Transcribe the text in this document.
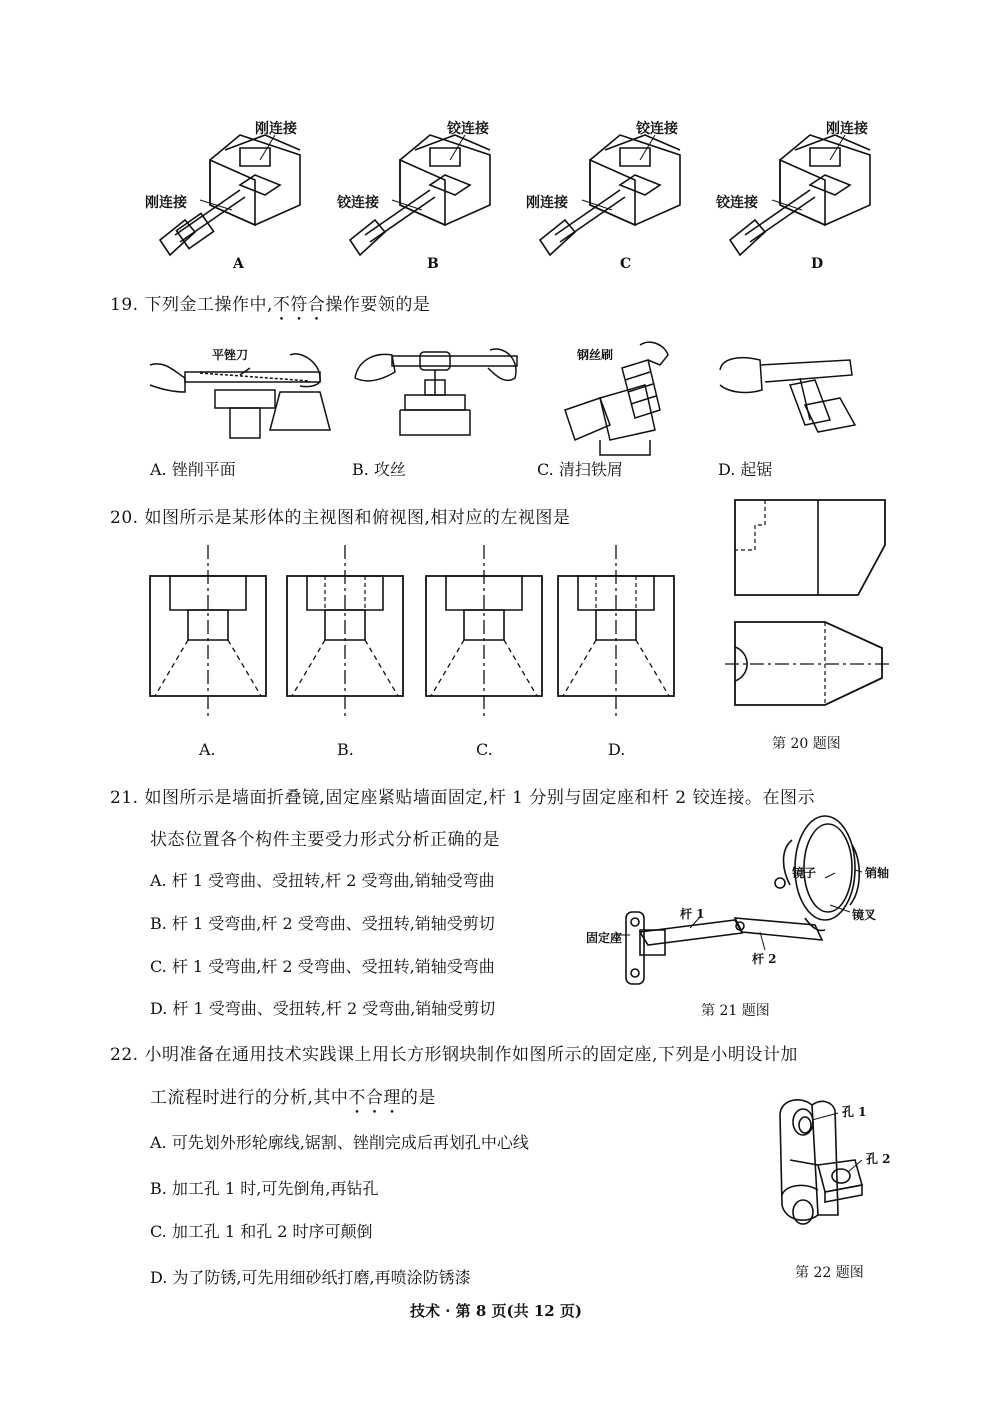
刚连接
刚连接
A
铰连接
铰连接
B
铰连接
刚连接
C
刚连接
铰连接
D
19. 下列金工操作中,不符合操作要领的是
平锉刀	钢丝刷
A. 锉削平面	B. 攻丝	C. 清扫铁屑	D. 起锯
20. 如图所示是某形体的主视图和俯视图,相对应的左视图是
A.	B.	C.	D.	第 20 题图
21. 如图所示是墙面折叠镜,固定座紧贴墙面固定,杆 1 分别与固定座和杆 2 铰连接。在图示
状态位置各个构件主要受力形式分析正确的是
A. 杆 1 受弯曲、受扭转,杆 2 受弯曲,销轴受弯曲
B. 杆 1 受弯曲,杆 2 受弯曲、受扭转,销轴受剪切
C. 杆 1 受弯曲,杆 2 受弯曲、受扭转,销轴受弯曲
D. 杆 1 受弯曲、受扭转,杆 2 受弯曲,销轴受剪切
镜子	销轴
镜叉
杆 1
固定座
杆 2
第 21 题图
22. 小明准备在通用技术实践课上用长方形钢块制作如图所示的固定座,下列是小明设计加
工流程时进行的分析,其中不合理的是
A. 可先划外形轮廓线,锯割、锉削完成后再划孔中心线
B. 加工孔 1 时,可先倒角,再钻孔
C. 加工孔 1 和孔 2 时序可颠倒
D. 为了防锈,可先用细砂纸打磨,再喷涂防锈漆
孔 1
孔 2
第 22 题图
技术 · 第 8 页(共 12 页)
